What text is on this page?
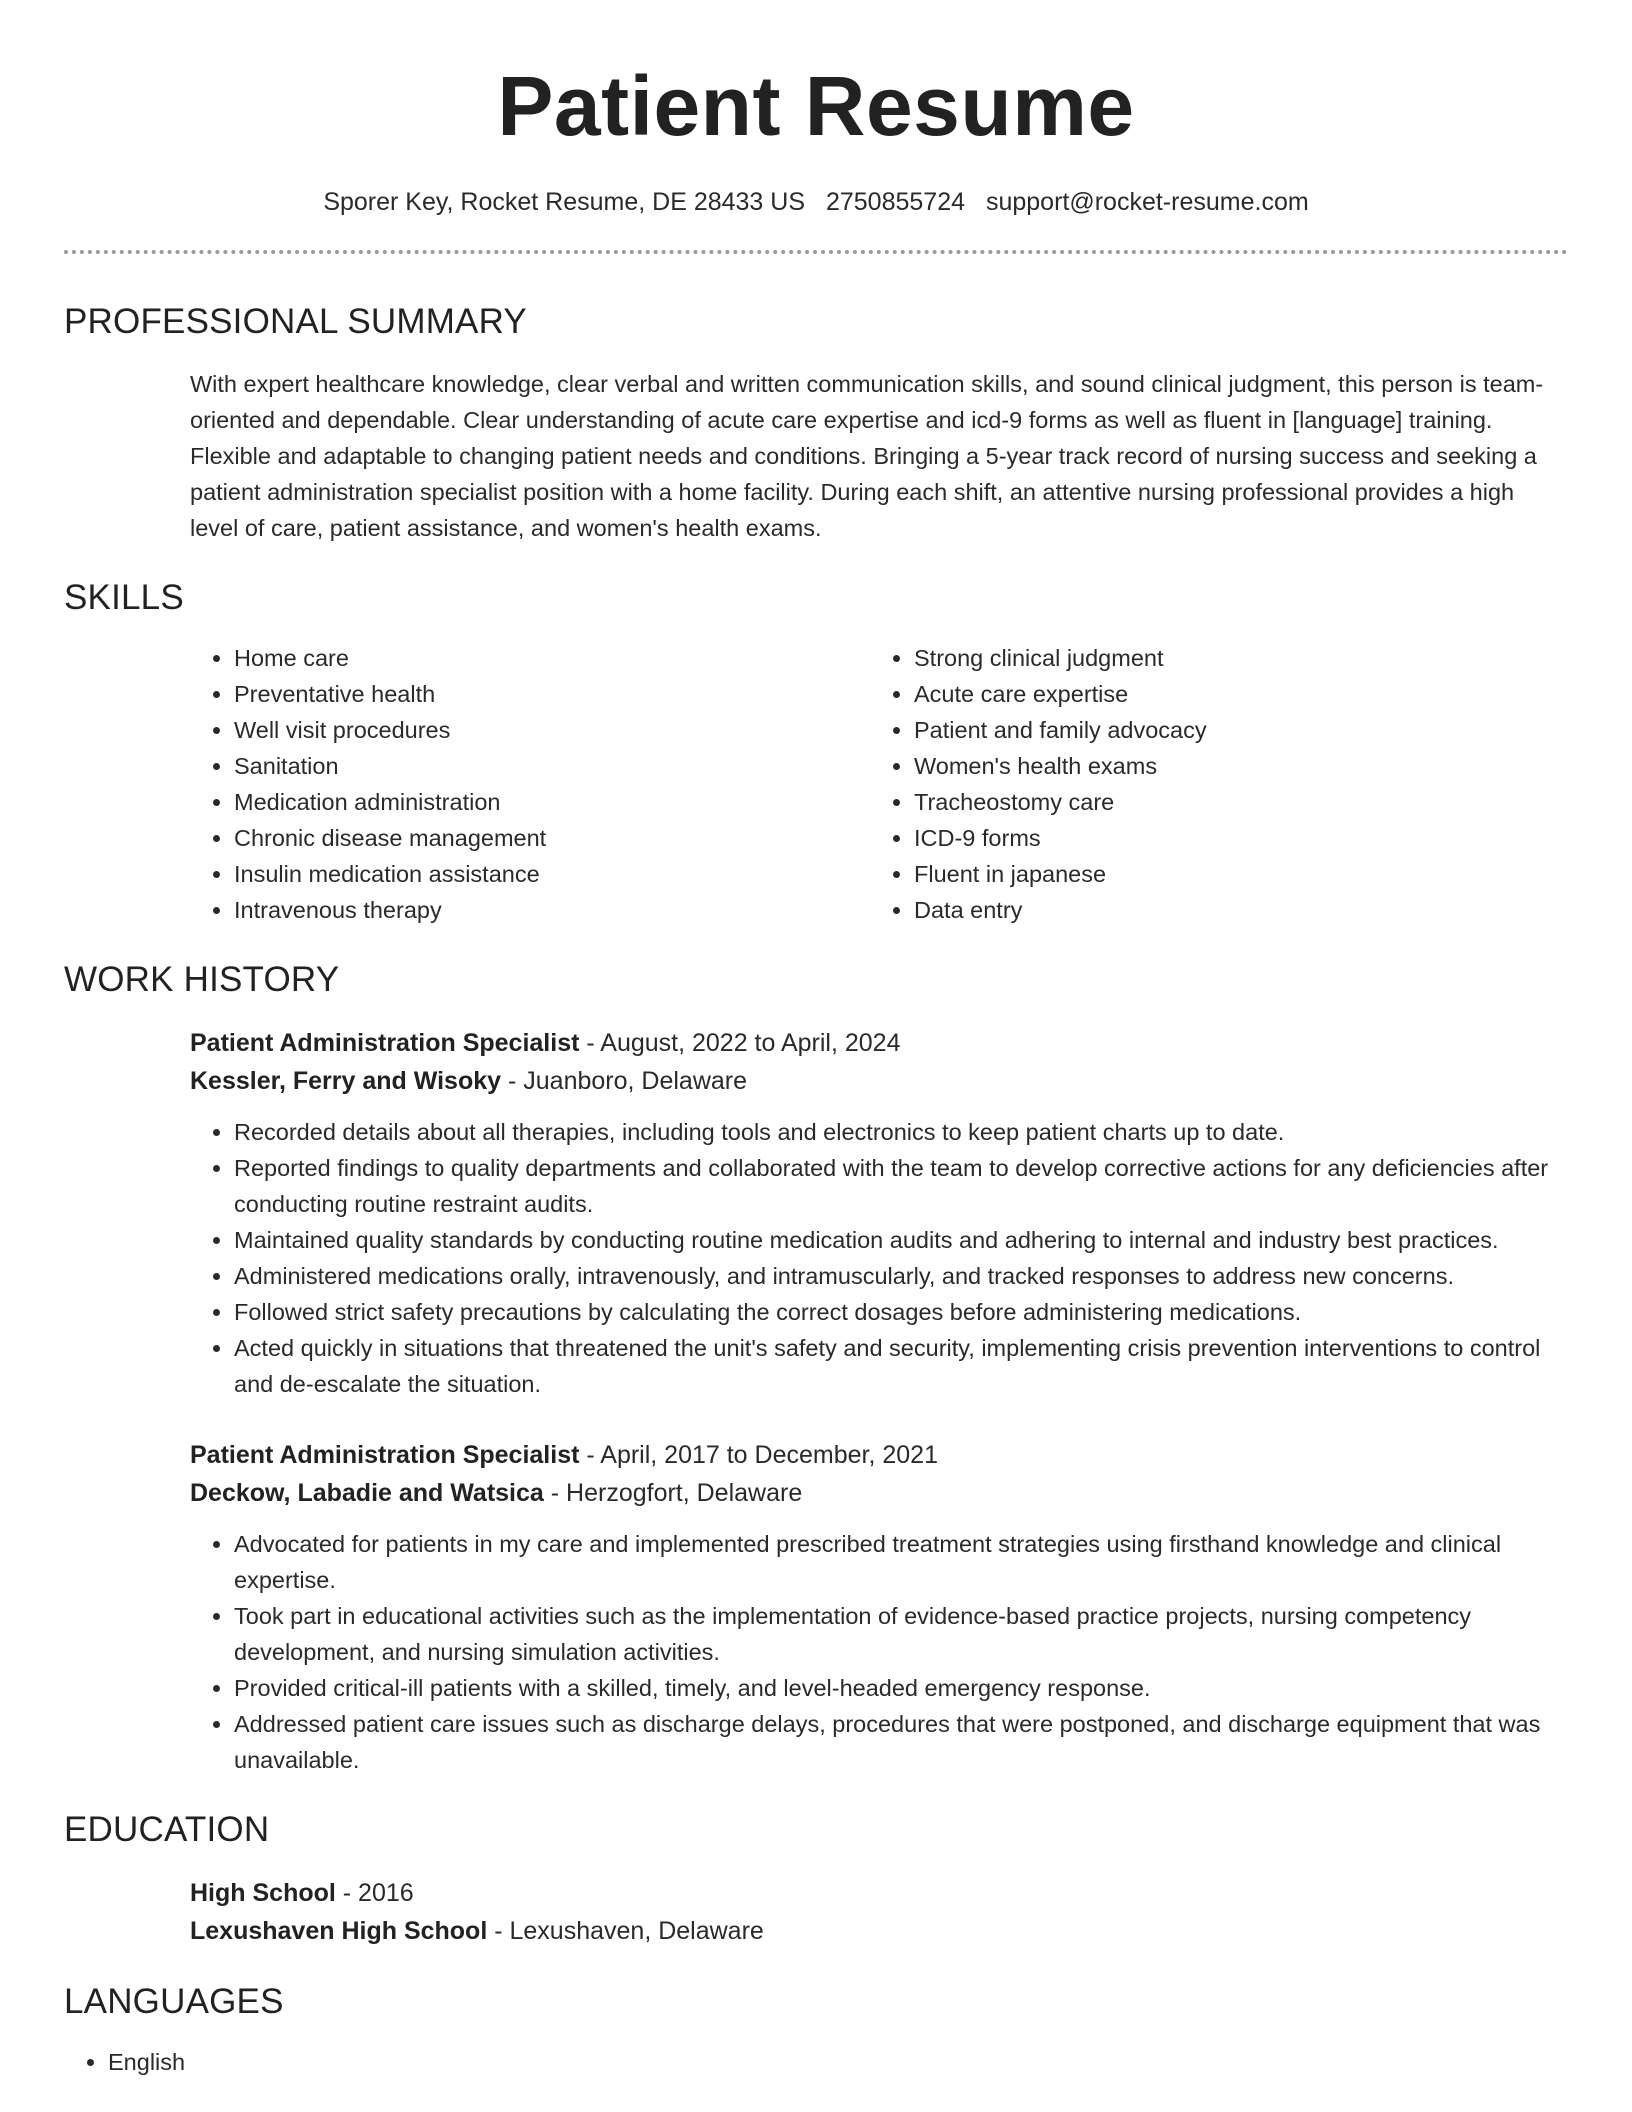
Patient Resume
Sporer Key, Rocket Resume, DE 28433 US 2750855724 support@rocket-resume.com
PROFESSIONAL SUMMARY
With expert healthcare knowledge, clear verbal and written communication skills, and sound clinical judgment, this person is team-oriented and dependable. Clear understanding of acute care expertise and icd-9 forms as well as fluent in [language] training. Flexible and adaptable to changing patient needs and conditions. Bringing a 5-year track record of nursing success and seeking a patient administration specialist position with a home facility. During each shift, an attentive nursing professional provides a high level of care, patient assistance, and women's health exams.
SKILLS
• Home care
• Preventative health
• Well visit procedures
• Sanitation
• Medication administration
• Chronic disease management
• Insulin medication assistance
• Intravenous therapy
• Strong clinical judgment
• Acute care expertise
• Patient and family advocacy
• Women's health exams
• Tracheostomy care
• ICD-9 forms
• Fluent in japanese
• Data entry
WORK HISTORY
Patient Administration Specialist - August, 2022 to April, 2024
Kessler, Ferry and Wisoky - Juanboro, Delaware
• Recorded details about all therapies, including tools and electronics to keep patient charts up to date.
• Reported findings to quality departments and collaborated with the team to develop corrective actions for any deficiencies after conducting routine restraint audits.
• Maintained quality standards by conducting routine medication audits and adhering to internal and industry best practices.
• Administered medications orally, intravenously, and intramuscularly, and tracked responses to address new concerns.
• Followed strict safety precautions by calculating the correct dosages before administering medications.
• Acted quickly in situations that threatened the unit's safety and security, implementing crisis prevention interventions to control and de-escalate the situation.
Patient Administration Specialist - April, 2017 to December, 2021
Deckow, Labadie and Watsica - Herzogfort, Delaware
• Advocated for patients in my care and implemented prescribed treatment strategies using firsthand knowledge and clinical expertise.
• Took part in educational activities such as the implementation of evidence-based practice projects, nursing competency development, and nursing simulation activities.
• Provided critical-ill patients with a skilled, timely, and level-headed emergency response.
• Addressed patient care issues such as discharge delays, procedures that were postponed, and discharge equipment that was unavailable.
EDUCATION
High School - 2016
Lexushaven High School - Lexushaven, Delaware
LANGUAGES
• English
